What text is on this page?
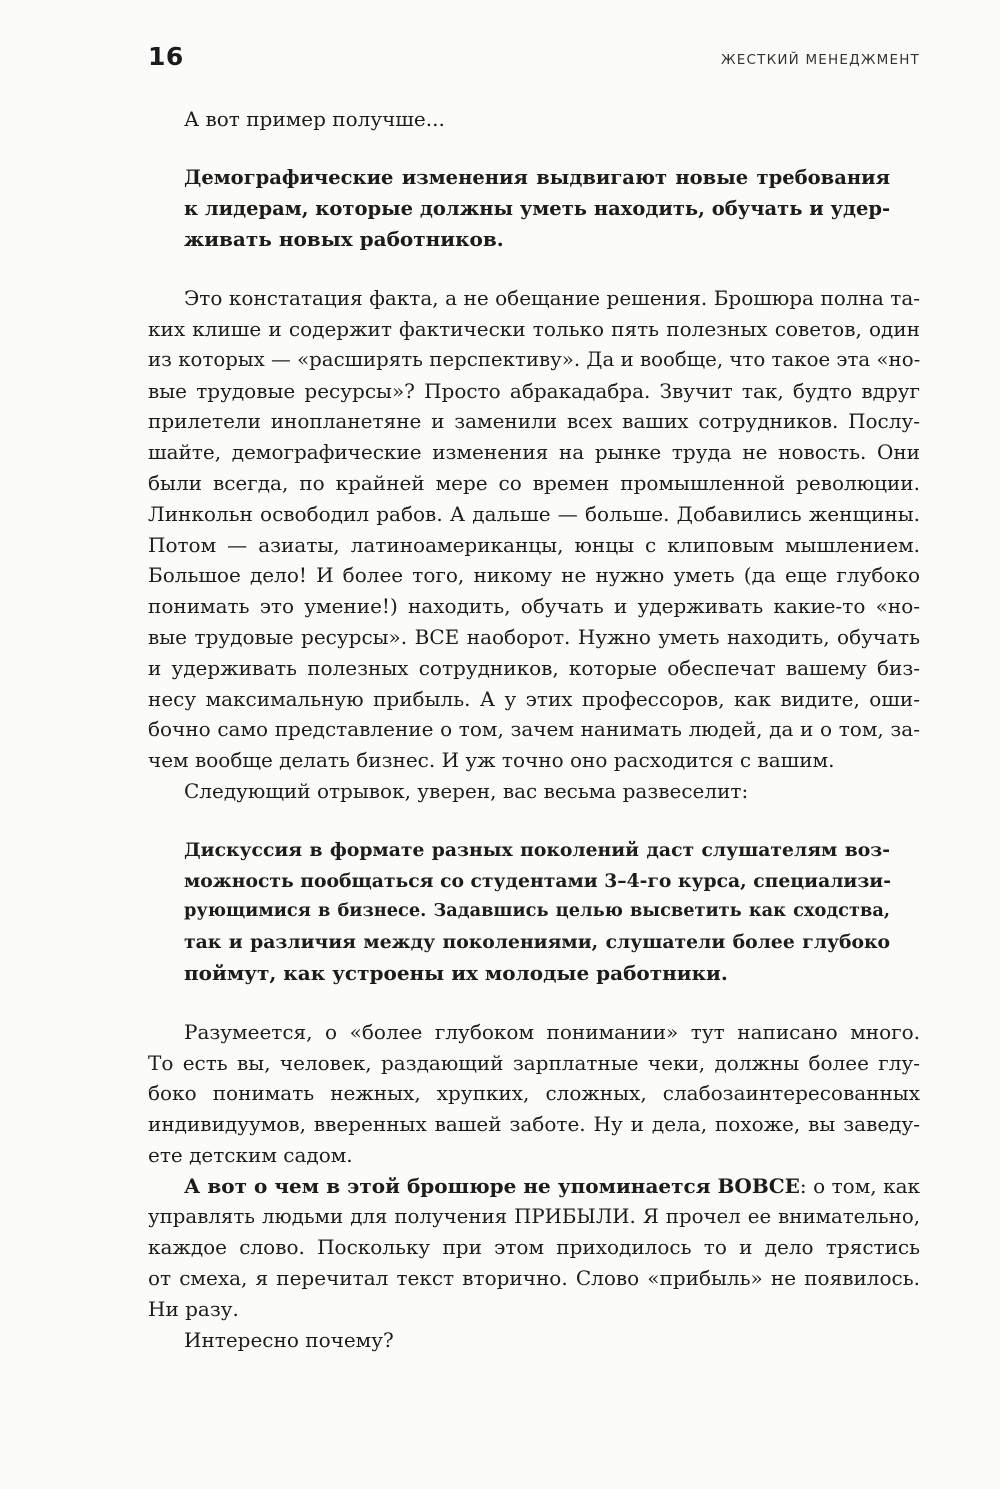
16	ЖЕСТКИЙ МЕНЕДЖМЕНТ
А вот пример получше...
Демографические изменения выдвигают новые требования
к лидерам, которые должны уметь находить, обучать и удер-
живать новых работников.
Это констатация факта, а не обещание решения. Брошюра полна та-
ких клише и содержит фактически только пять полезных советов, один
из которых — «расширять перспективу». Да и вообще, что такое эта «но-
вые трудовые ресурсы»? Просто абракадабра. Звучит так, будто вдруг
прилетели инопланетяне и заменили всех ваших сотрудников. Послу-
шайте, демографические изменения на рынке труда не новость. Они
были всегда, по крайней мере со времен промышленной революции.
Линкольн освободил рабов. А дальше — больше. Добавились женщины.
Потом — азиаты, латиноамериканцы, юнцы с клиповым мышлением.
Большое дело! И более того, никому не нужно уметь (да еще глубоко
понимать это умение!) находить, обучать и удерживать какие-то «но-
вые трудовые ресурсы». ВСЕ наоборот. Нужно уметь находить, обучать
и удерживать полезных сотрудников, которые обеспечат вашему биз-
несу максимальную прибыль. А у этих профессоров, как видите, оши-
бочно само представление о том, зачем нанимать людей, да и о том, за-
чем вообще делать бизнес. И уж точно оно расходится с вашим.
Следующий отрывок, уверен, вас весьма развеселит:
Дискуссия в формате разных поколений даст слушателям воз-
можность пообщаться со студентами 3–4-го курса, специализи-
рующимися в бизнесе. Задавшись целью высветить как сходства,
так и различия между поколениями, слушатели более глубоко
поймут, как устроены их молодые работники.
Разумеется, о «более глубоком понимании» тут написано много.
То есть вы, человек, раздающий зарплатные чеки, должны более глу-
боко понимать нежных, хрупких, сложных, слабозаинтересованных
индивидуумов, вверенных вашей заботе. Ну и дела, похоже, вы заведу-
ете детским садом.
А вот о чем в этой брошюре не упоминается ВОВСЕ: о том, как
управлять людьми для получения ПРИБЫЛИ. Я прочел ее внимательно,
каждое слово. Поскольку при этом приходилось то и дело трястись
от смеха, я перечитал текст вторично. Слово «прибыль» не появилось.
Ни разу.
Интересно почему?
